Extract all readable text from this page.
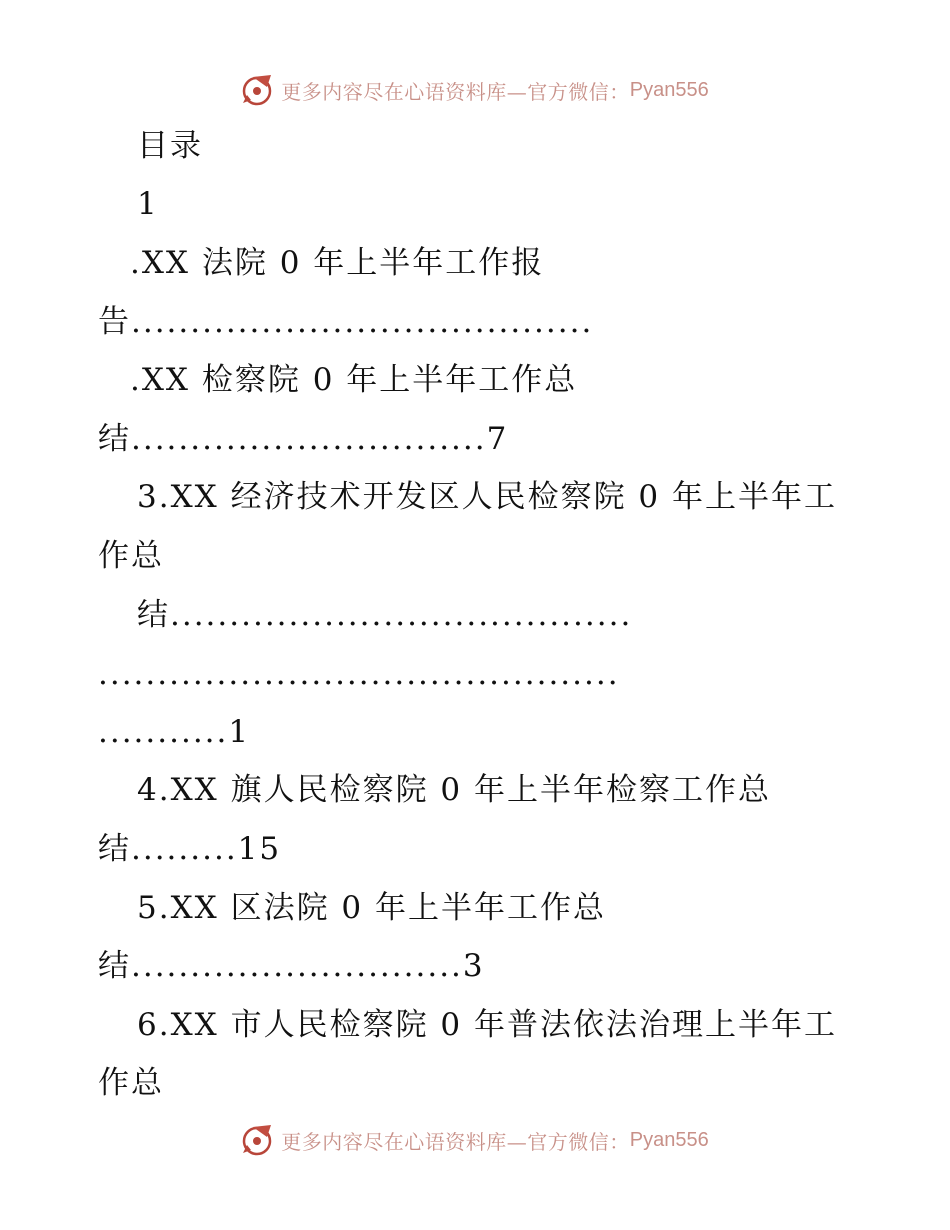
更多内容尽在心语资料库—官方微信： Pyan556
目录
1
.XX 法院 0 年上半年工作报
告.......................................
.XX 检察院 0 年上半年工作总
结..............................7
3.XX 经济技术开发区人民检察院 0 年上半年工
作总
结.......................................
............................................
...........1
4.XX 旗人民检察院 0 年上半年检察工作总
结.........15
5.XX 区法院 0 年上半年工作总
结............................3
6.XX 市人民检察院 0 年普法依法治理上半年工
作总
更多内容尽在心语资料库—官方微信： Pyan556
